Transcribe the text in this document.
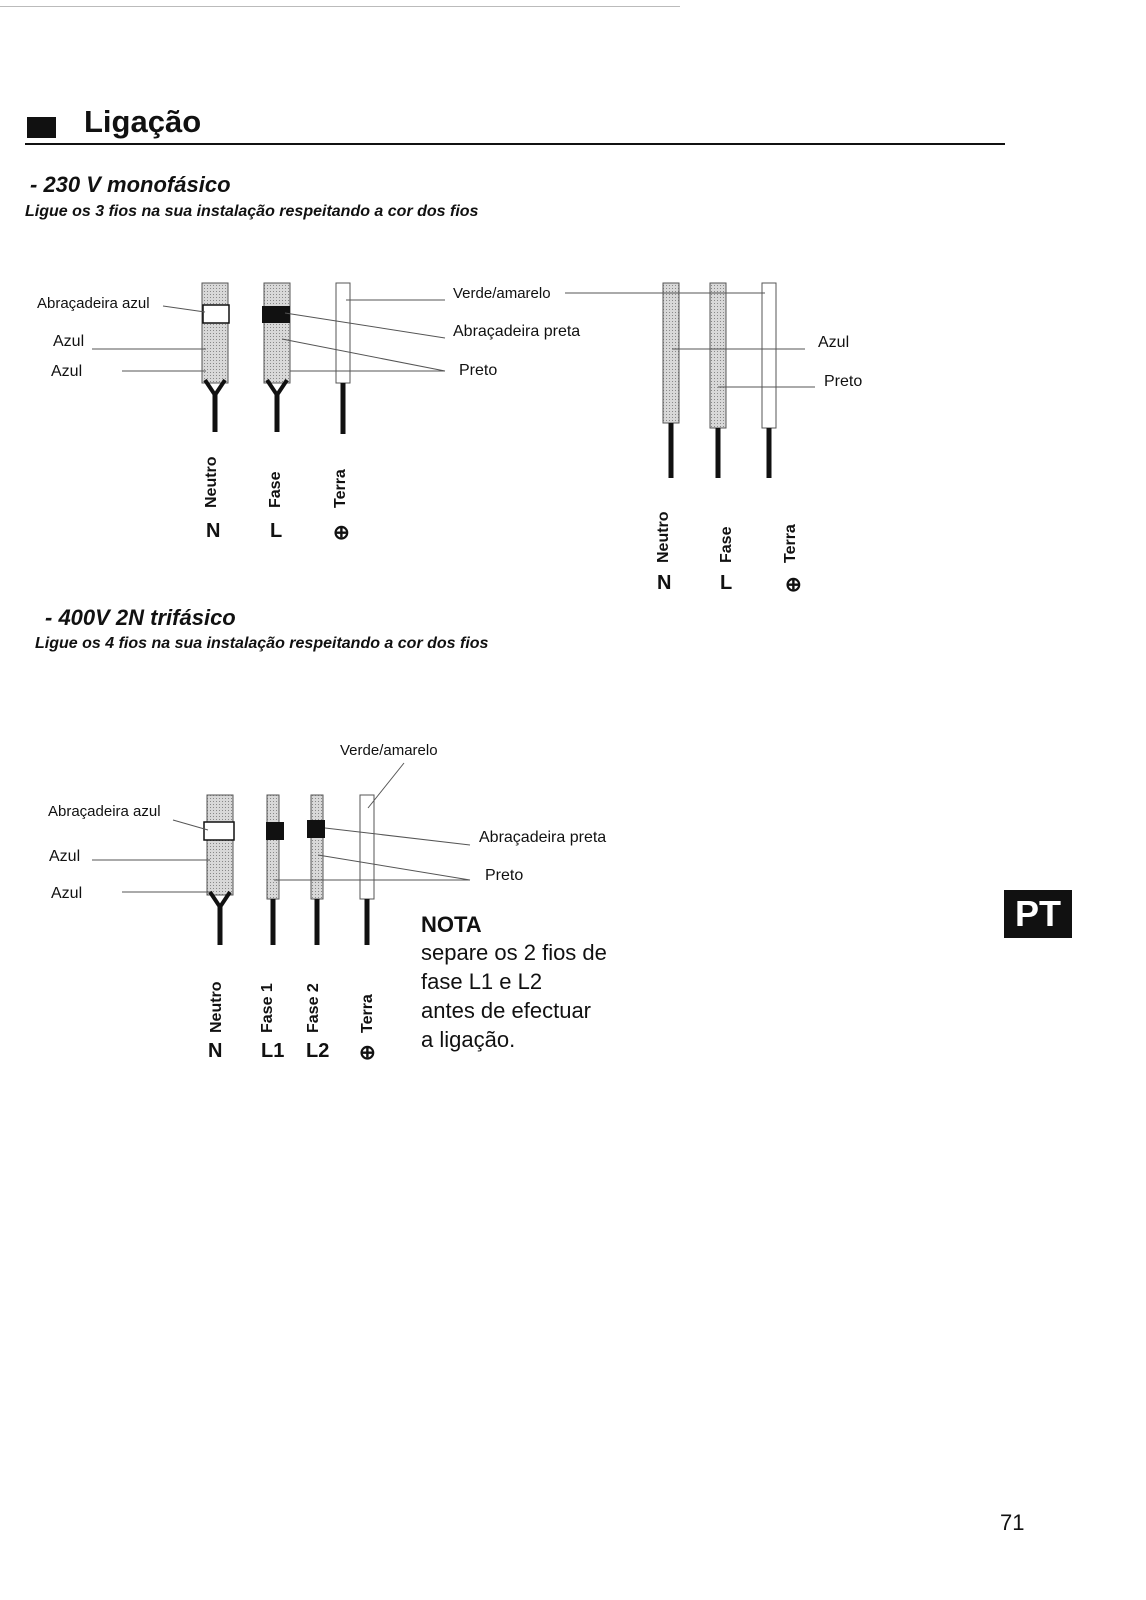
Ligação
- 230 V monofásico
Ligue os 3 fios na sua instalação respeitando a cor dos fios
Abraçadeira azul
Azul
Azul
Verde/amarelo
Abraçadeira preta
Preto
Neutro	Fase	Terra
N L	⊕
Azul
Preto
Neutro	Fase	Terra
N L	⊕
- 400V 2N trifásico
Ligue os 4 fios na sua instalação respeitando a cor dos fios
Verde/amarelo
Abraçadeira azul
Azul
Azul
Abraçadeira preta
Preto
Neutro Fase 1 Fase 2 Terra
N L1 L2 ⊕
NOTA
separe os 2 fios de
fase L1 e L2
antes de efectuar
a ligação.
PT
71
